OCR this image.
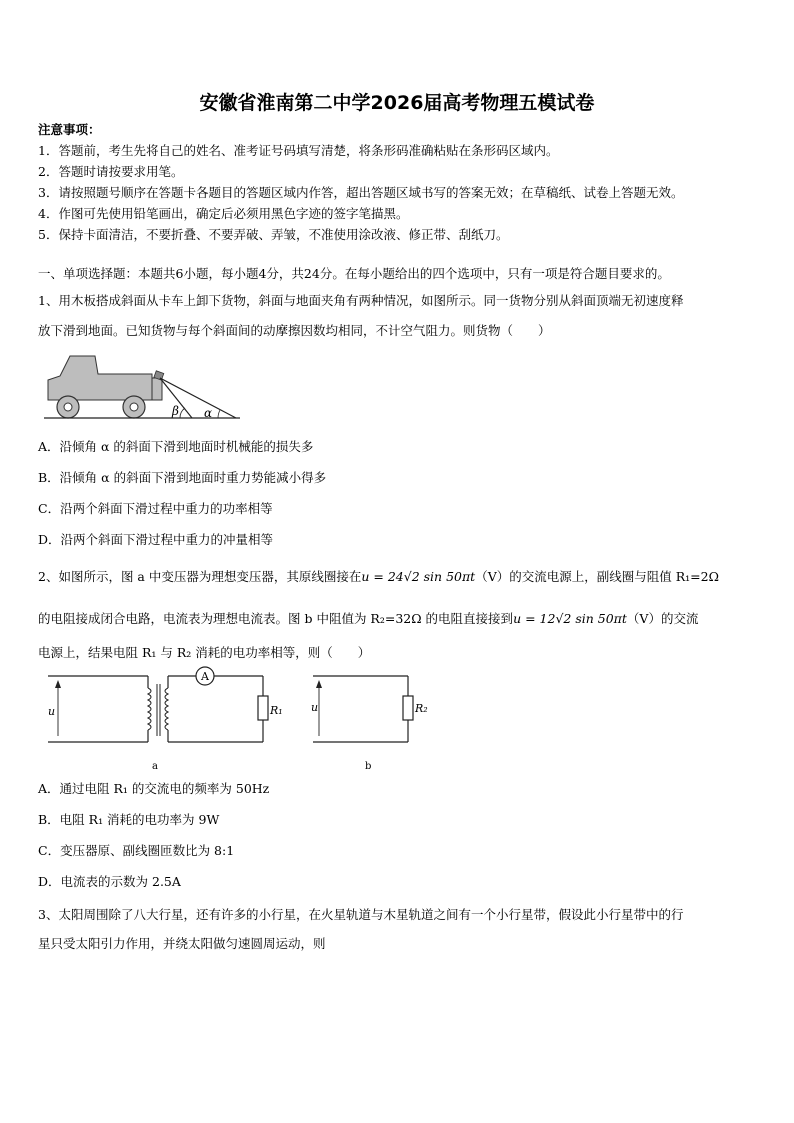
安徽省淮南第二中学2026届高考物理五模试卷
注意事项：
1．答题前，考生先将自己的姓名、准考证号码填写清楚，将条形码准确粘贴在条形码区域内。
2．答题时请按要求用笔。
3．请按照题号顺序在答题卡各题目的答题区域内作答，超出答题区域书写的答案无效；在草稿纸、试卷上答题无效。
4．作图可先使用铅笔画出，确定后必须用黑色字迹的签字笔描黑。
5．保持卡面清洁，不要折叠、不要弄破、弄皱，不准使用涂改液、修正带、刮纸刀。
一、单项选择题：本题共6小题，每小题4分，共24分。在每小题给出的四个选项中，只有一项是符合题目要求的。
1、用木板搭成斜面从卡车上卸下货物，斜面与地面夹角有两种情况，如图所示。同一货物分别从斜面顶端无初速度释
放下滑到地面。已知货物与每个斜面间的动摩擦因数均相同，不计空气阻力。则货物（　　）
β α
A．沿倾角 α 的斜面下滑到地面时机械能的损失多
B．沿倾角 α 的斜面下滑到地面时重力势能减小得多
C．沿两个斜面下滑过程中重力的功率相等
D．沿两个斜面下滑过程中重力的冲量相等
2、如图所示，图 a 中变压器为理想变压器，其原线圈接在u = 24√2 sin 50πt（V）的交流电源上，副线圈与阻值 R₁=2Ω
的电阻接成闭合电路，电流表为理想电流表。图 b 中阻值为 R₂=32Ω 的电阻直接接到u = 12√2 sin 50πt（V）的交流
电源上，结果电阻 R₁ 与 R₂ 消耗的电功率相等，则（　　）
u
A
R₁
a
u	R₂
b
A．通过电阻 R₁ 的交流电的频率为 50Hz
B．电阻 R₁ 消耗的电功率为 9W
C．变压器原、副线圈匝数比为 8:1
D．电流表的示数为 2.5A
3、太阳周围除了八大行星，还有许多的小行星，在火星轨道与木星轨道之间有一个小行星带，假设此小行星带中的行
星只受太阳引力作用，并绕太阳做匀速圆周运动，则
